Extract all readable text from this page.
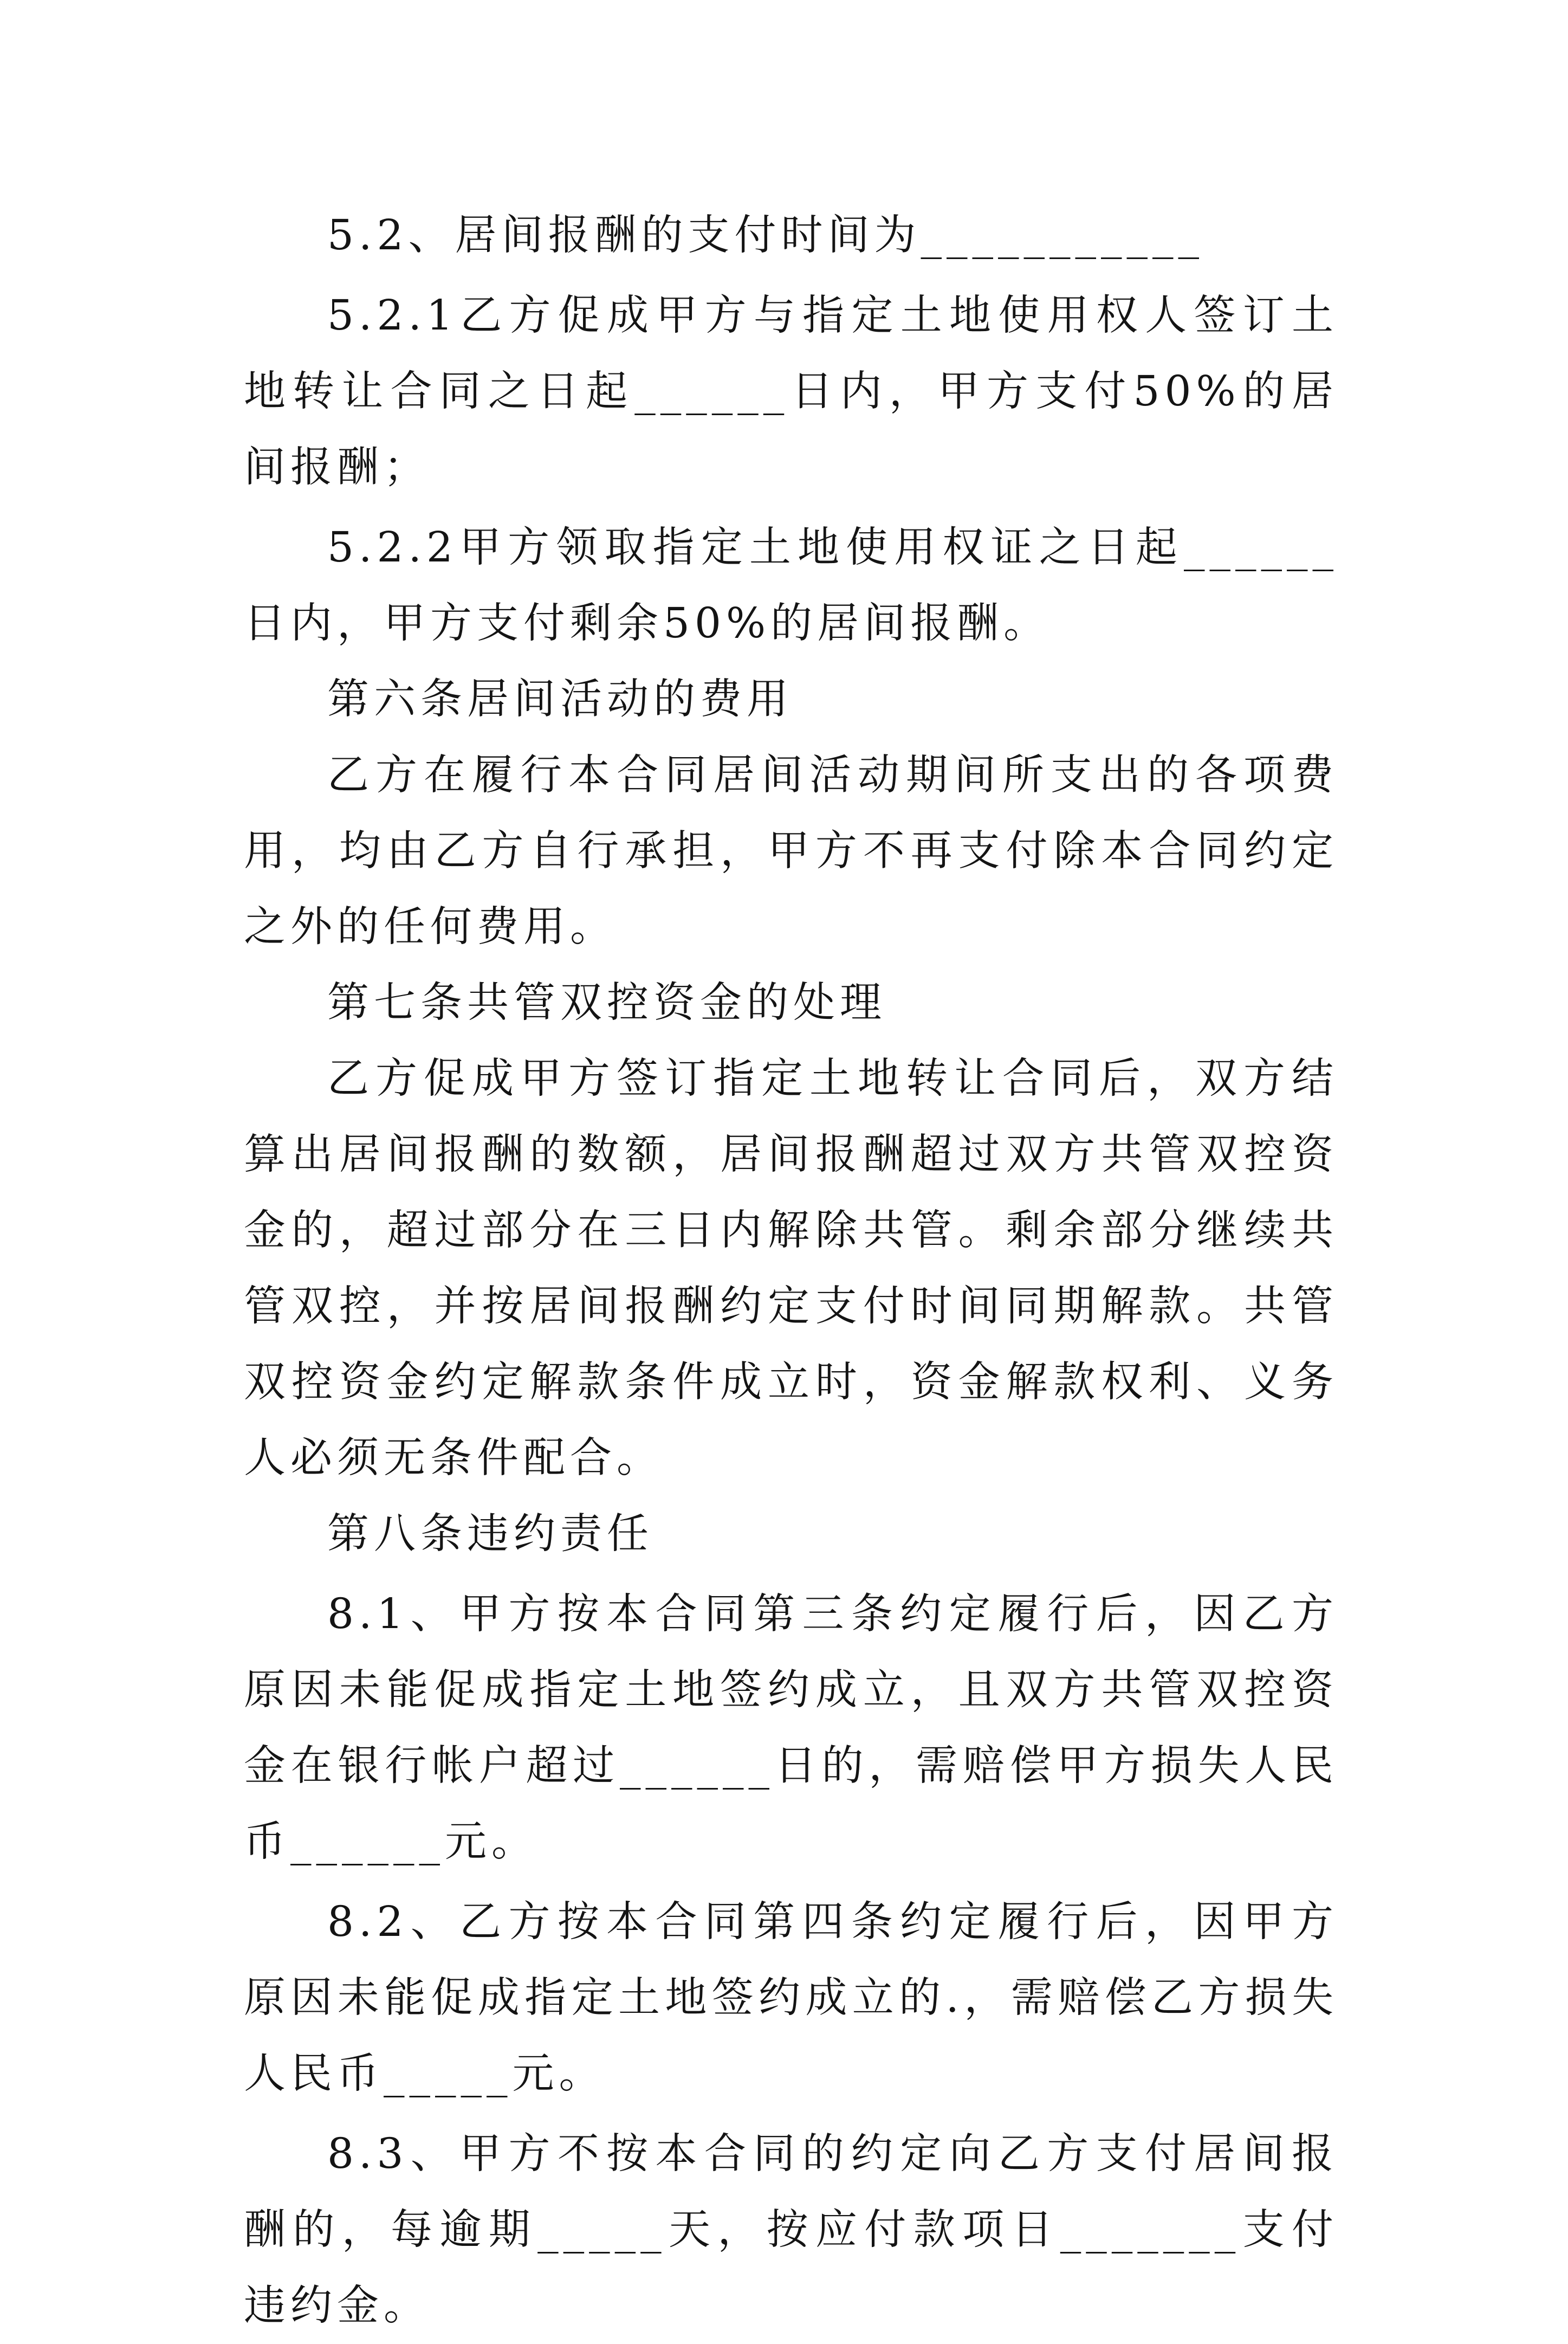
5.2、居间报酬的支付时间为___________

5.2.1乙方促成甲方与指定土地使用权人签订土地转让合同之日起______日内，甲方支付50%的居间报酬；

5.2.2甲方领取指定土地使用权证之日起______日内，甲方支付剩余50%的居间报酬。

第六条居间活动的费用

乙方在履行本合同居间活动期间所支出的各项费用，均由乙方自行承担，甲方不再支付除本合同约定之外的任何费用。

第七条共管双控资金的处理

乙方促成甲方签订指定土地转让合同后，双方结算出居间报酬的数额，居间报酬超过双方共管双控资金的，超过部分在三日内解除共管。剩余部分继续共管双控，并按居间报酬约定支付时间同期解款。共管双控资金约定解款条件成立时，资金解款权利、义务人必须无条件配合。

第八条违约责任

8.1、甲方按本合同第三条约定履行后，因乙方原因未能促成指定土地签约成立，且双方共管双控资金在银行帐户超过______日的，需赔偿甲方损失人民币______元。

8.2、乙方按本合同第四条约定履行后，因甲方原因未能促成指定土地签约成立的.，需赔偿乙方损失人民币_____元。

8.3、甲方不按本合同的约定向乙方支付居间报酬的，每逾期_____天，按应付款项日_______支付违约金。
